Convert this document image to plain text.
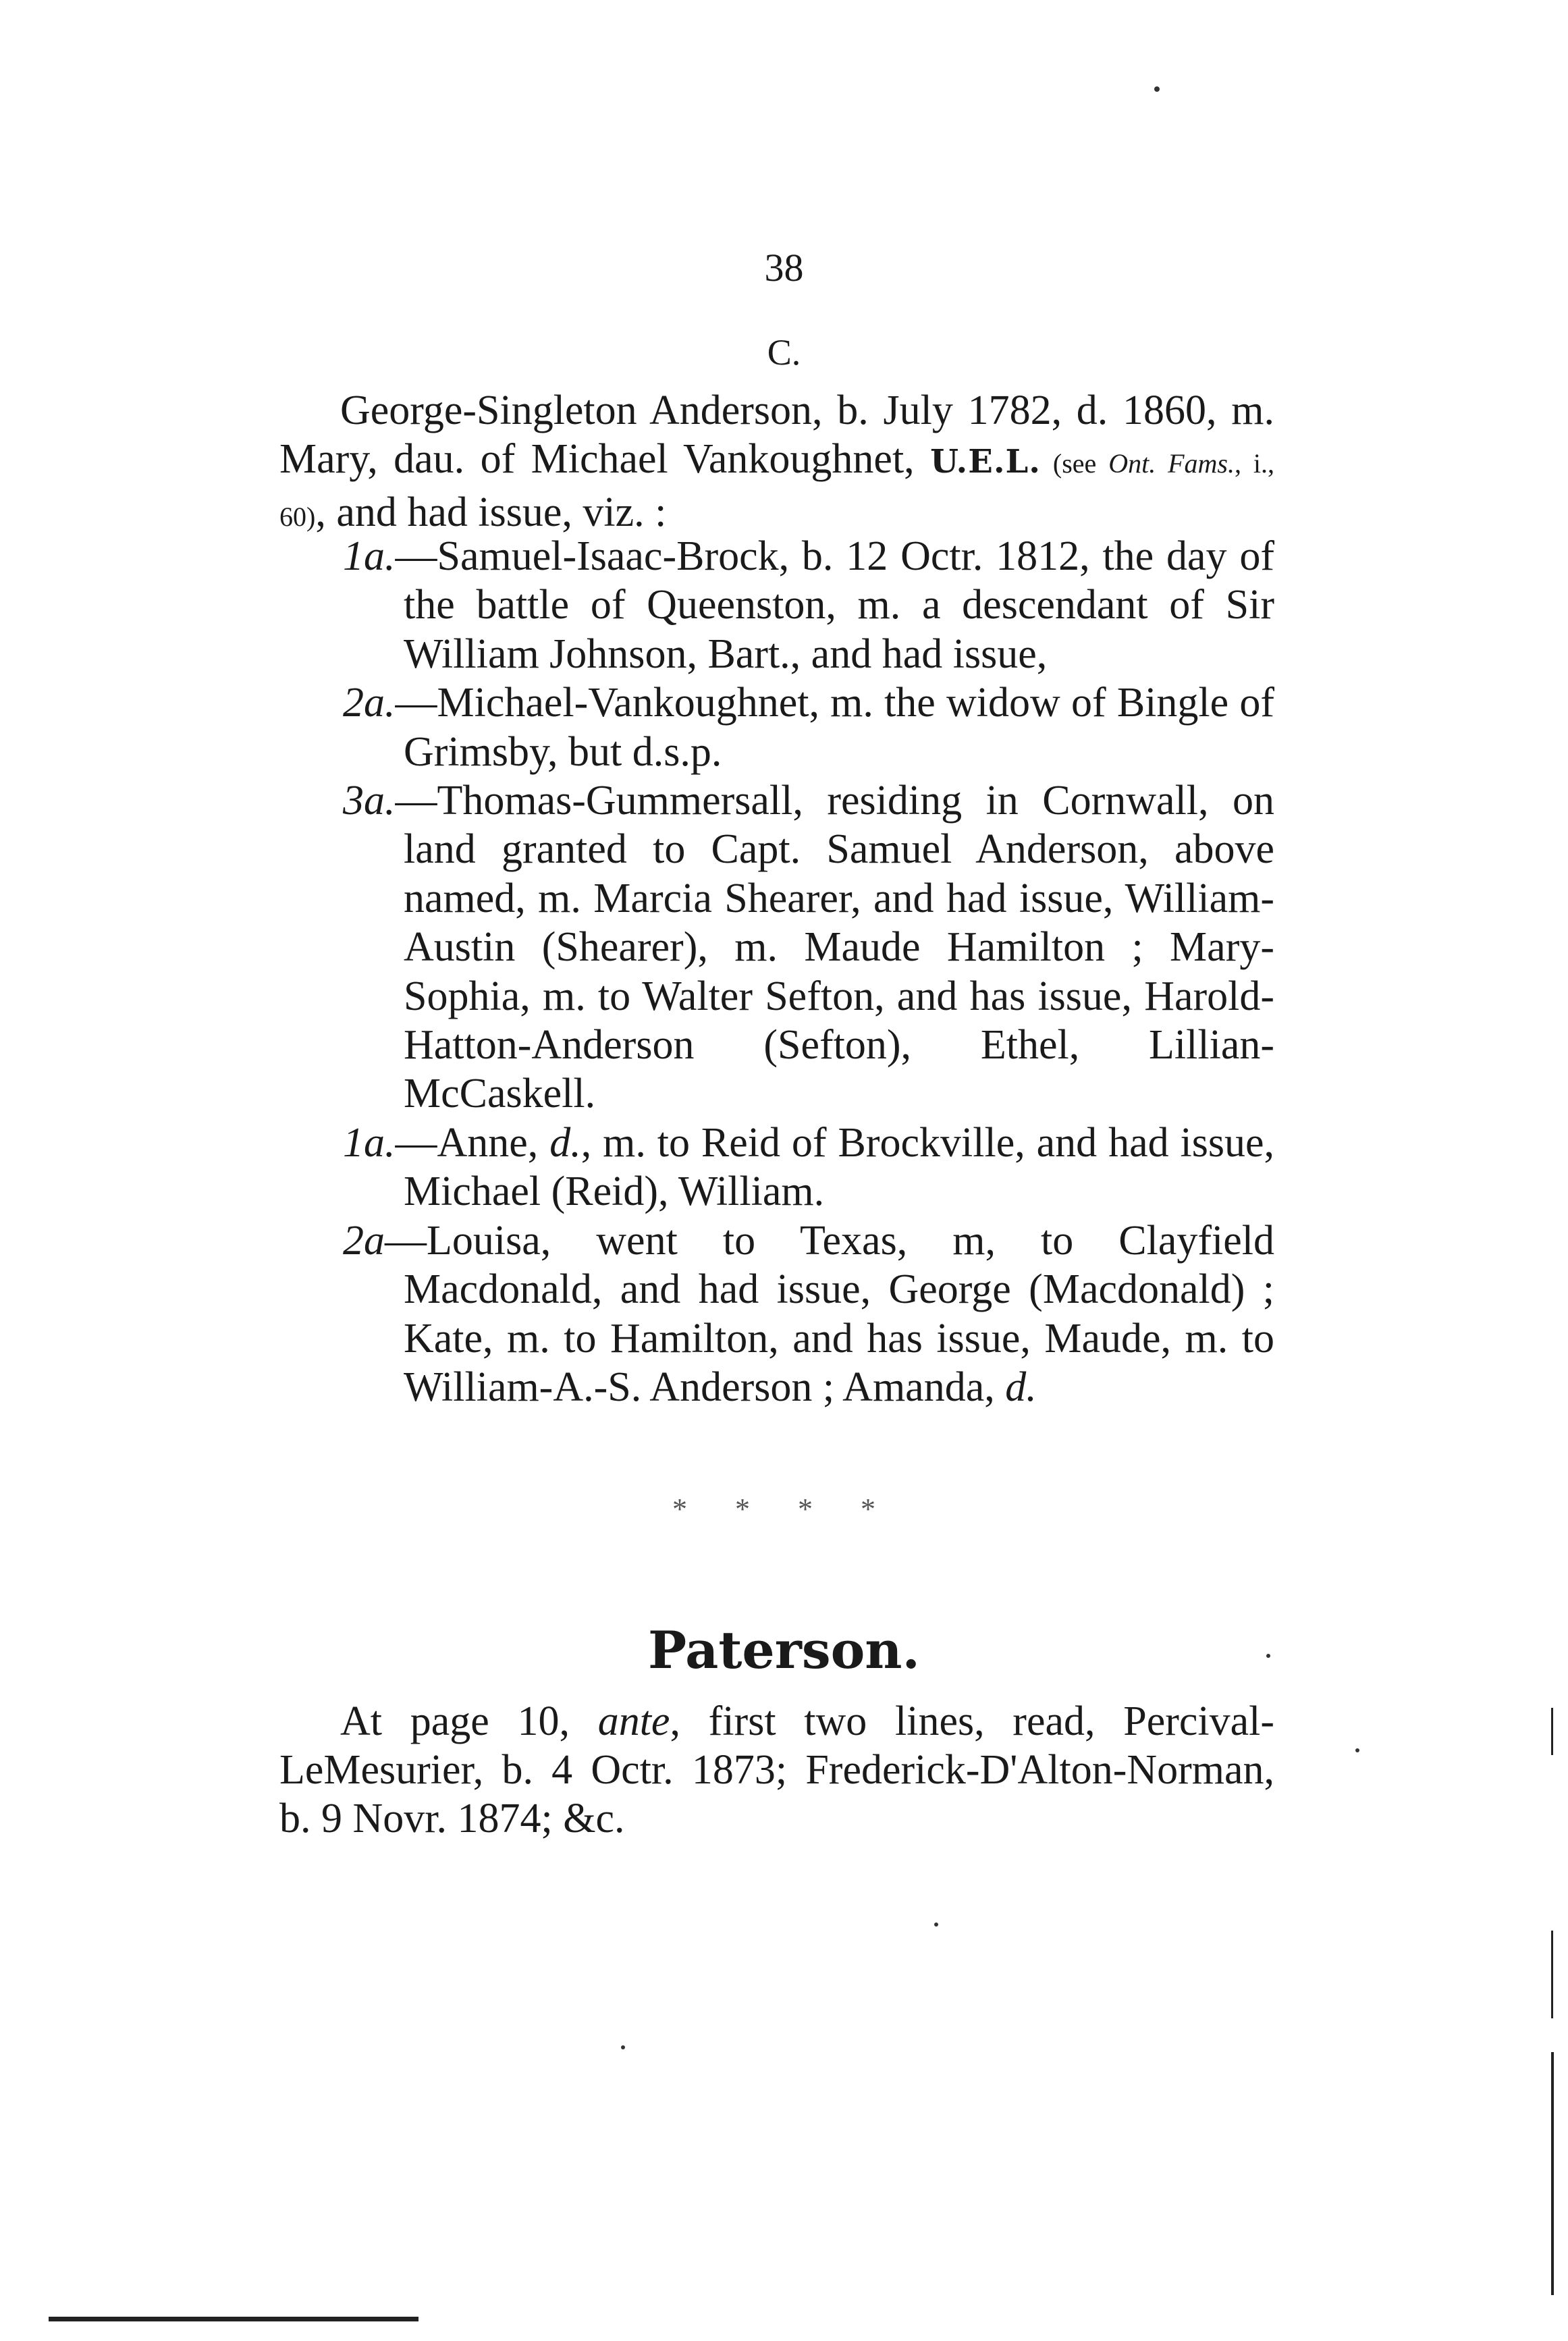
38
C.

George-Singleton Anderson, b. July 1782, d. 1860, m. Mary, dau. of Michael Vankoughnet, U.E.L. (see Ont. Fams., i., 60), and had issue, viz. :

1a.—Samuel-Isaac-Brock, b. 12 Octr. 1812, the day of the battle of Queenston, m. a descendant of Sir William Johnson, Bart., and had issue,

2a.—Michael-Vankoughnet, m. the widow of Bingle of Grimsby, but d.s.p.

3a.—Thomas-Gummersall, residing in Cornwall, on land granted to Capt. Samuel Anderson, above named, m. Marcia Shearer, and had issue, William-Austin (Shearer), m. Maude Hamilton ; Mary-Sophia, m. to Walter Sefton, and has issue, Harold-Hatton-Anderson (Sefton), Ethel, Lillian-McCaskell.

1a.—Anne, d., m. to Reid of Brockville, and had issue, Michael (Reid), William.

2a—Louisa, went to Texas, m, to Clayfield Macdonald, and had issue, George (Macdonald) ; Kate, m. to Hamilton, and has issue, Maude, m. to William-A.-S. Anderson ; Amanda, d.

* * * *
Paterson.

At page 10, ante, first two lines, read, Percival-LeMesurier, b. 4 Octr. 1873; Frederick-D'Alton-Norman, b. 9 Novr. 1874; &c.
